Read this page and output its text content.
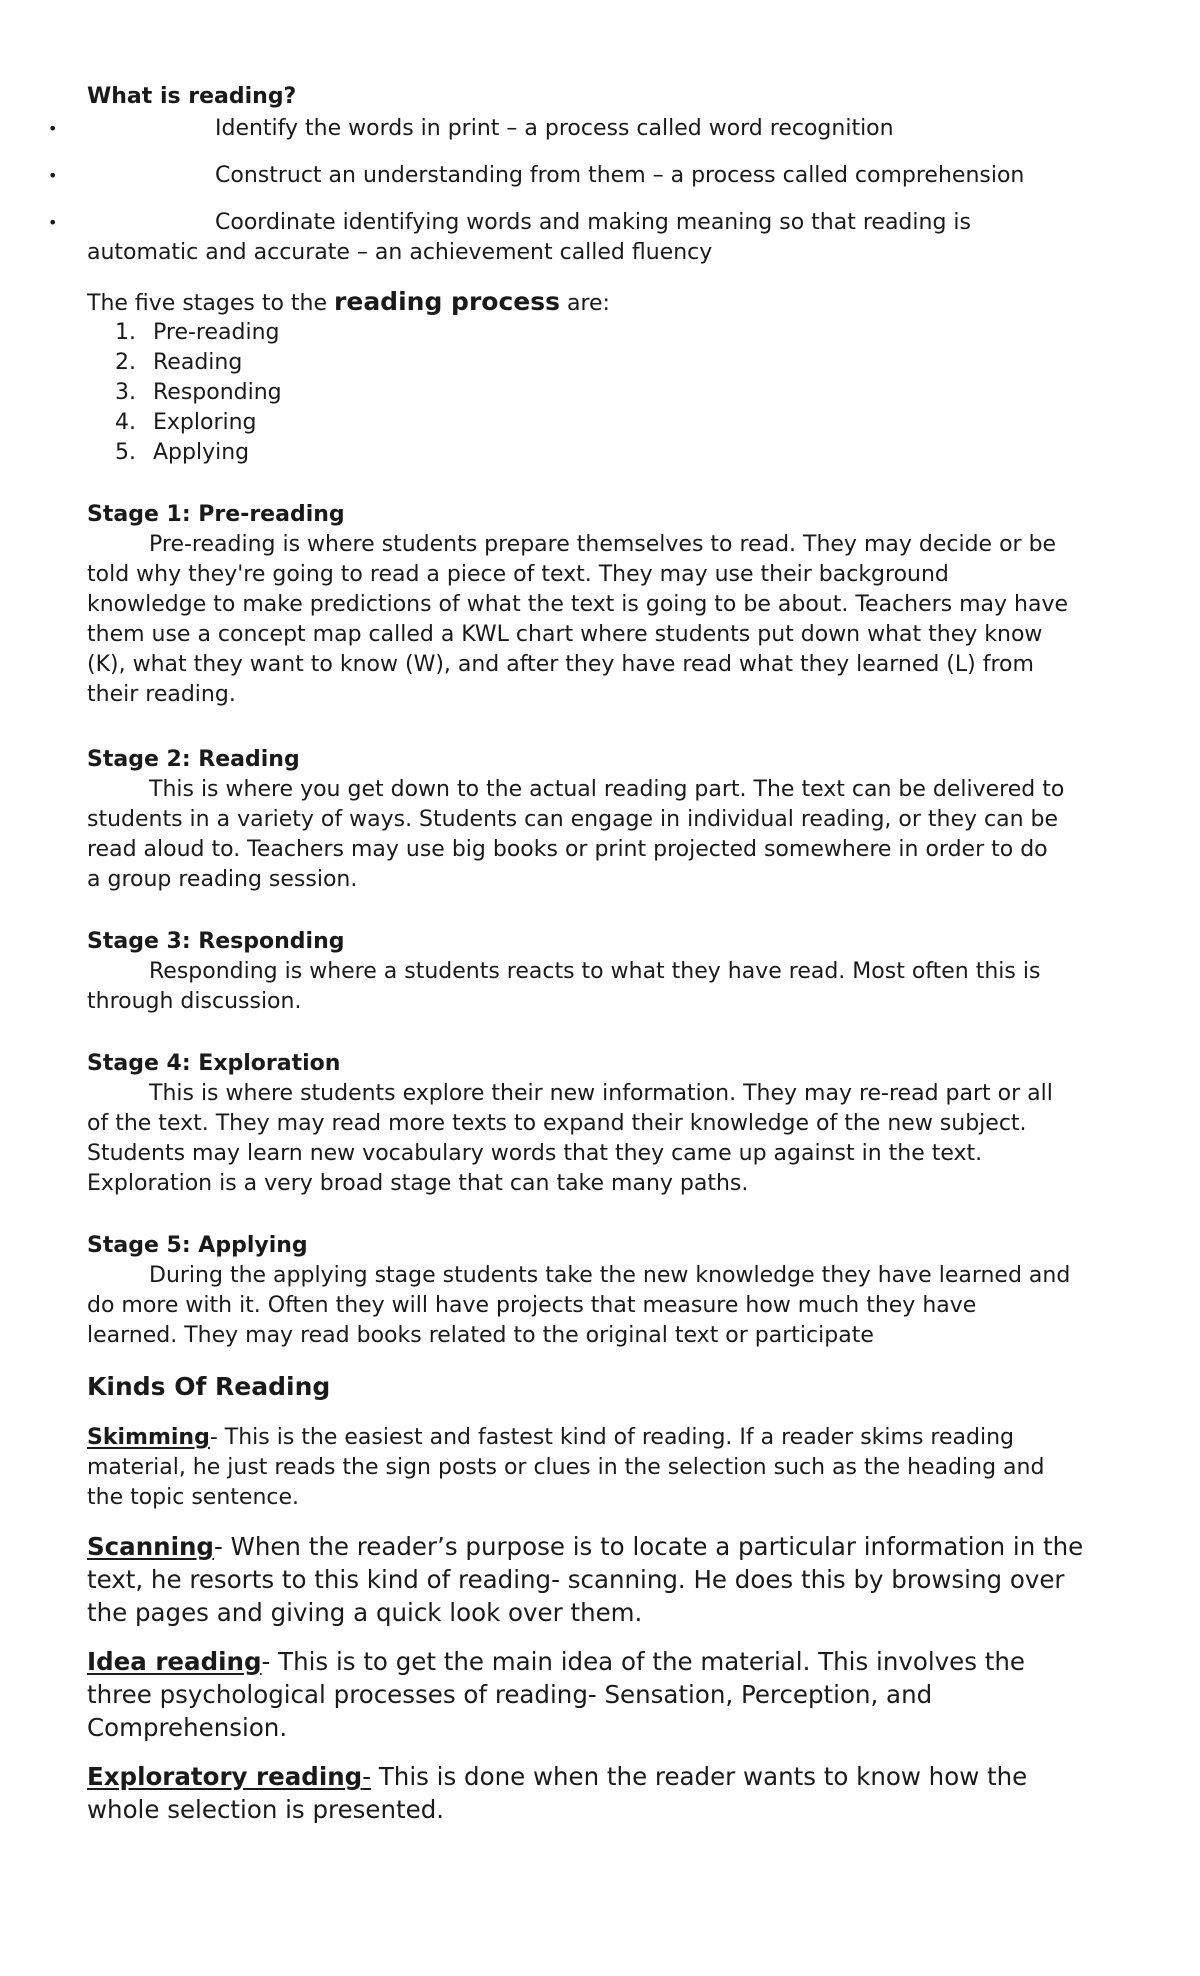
What is reading?
•	Identify the words in print – a process called word recognition
•	Construct an understanding from them – a process called comprehension
•	Coordinate identifying words and making meaning so that reading is
automatic and accurate – an achievement called fluency
The five stages to the reading process are:
1. Pre-reading
2. Reading
3. Responding
4. Exploring
5. Applying
Stage 1: Pre-reading
Pre-reading is where students prepare themselves to read. They may decide or be
told why they're going to read a piece of text. They may use their background
knowledge to make predictions of what the text is going to be about. Teachers may have
them use a concept map called a KWL chart where students put down what they know
(K), what they want to know (W), and after they have read what they learned (L) from
their reading.
Stage 2: Reading
This is where you get down to the actual reading part. The text can be delivered to
students in a variety of ways. Students can engage in individual reading, or they can be
read aloud to. Teachers may use big books or print projected somewhere in order to do
a group reading session.
Stage 3: Responding
Responding is where a students reacts to what they have read. Most often this is
through discussion.
Stage 4: Exploration
This is where students explore their new information. They may re-read part or all
of the text. They may read more texts to expand their knowledge of the new subject.
Students may learn new vocabulary words that they came up against in the text.
Exploration is a very broad stage that can take many paths.
Stage 5: Applying
During the applying stage students take the new knowledge they have learned and
do more with it. Often they will have projects that measure how much they have
learned. They may read books related to the original text or participate
Kinds Of Reading
Skimming- This is the easiest and fastest kind of reading. If a reader skims reading
material, he just reads the sign posts or clues in the selection such as the heading and
the topic sentence.
Scanning- When the reader’s purpose is to locate a particular information in the
text, he resorts to this kind of reading- scanning. He does this by browsing over
the pages and giving a quick look over them.
Idea reading- This is to get the main idea of the material. This involves the
three psychological processes of reading- Sensation, Perception, and
Comprehension.
Exploratory reading- This is done when the reader wants to know how the
whole selection is presented.
